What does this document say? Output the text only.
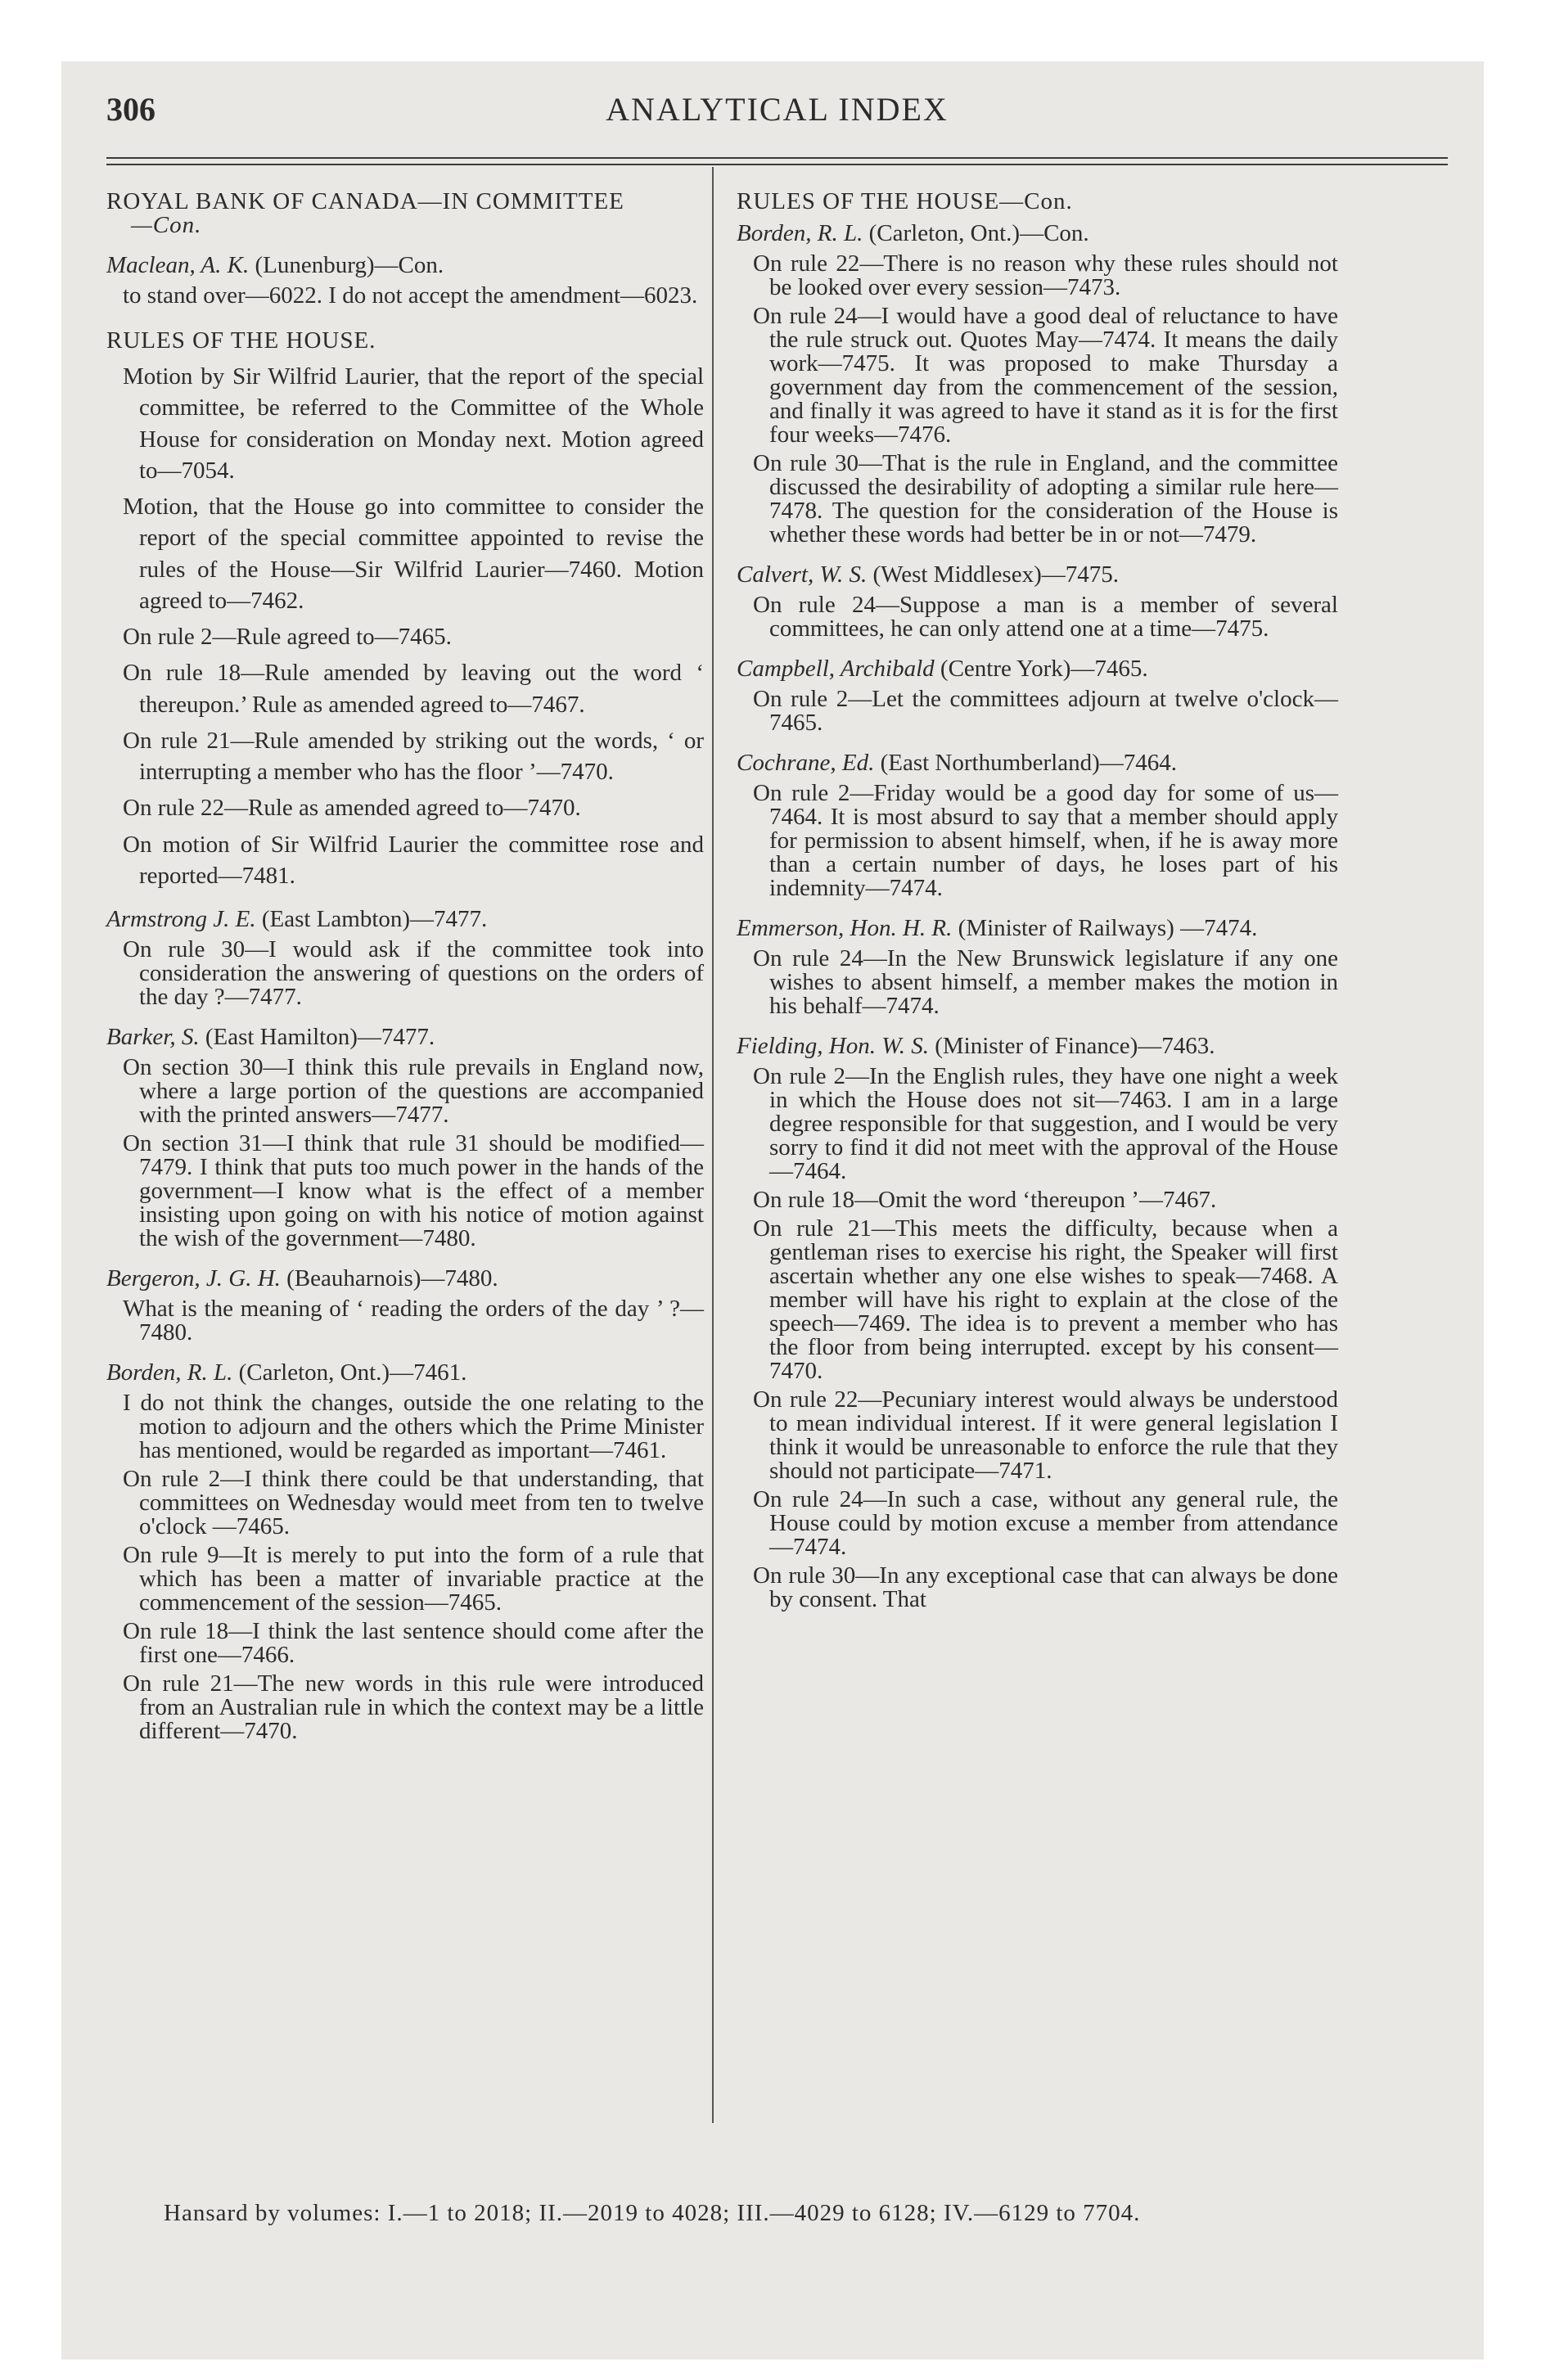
306	ANALYTICAL INDEX
ROYAL BANK OF CANADA—IN COMMITTEE
—Con.
Maclean, A. K. (Lunenburg)—Con.

to stand over—6022. I do not accept the amendment—6023.

RULES OF THE HOUSE.

Motion by Sir Wilfrid Laurier, that the report of the special committee, be referred to the Committee of the Whole House for consideration on Monday next. Motion agreed to—7054.

Motion, that the House go into committee to consider the report of the special committee appointed to revise the rules of the House—Sir Wilfrid Laurier—7460. Motion agreed to—7462.

On rule 2—Rule agreed to—7465.

On rule 18—Rule amended by leaving out the word ‘ thereupon.’ Rule as amended agreed to—7467.

On rule 21—Rule amended by striking out the words, ‘ or interrupting a member who has the floor ’—7470.

On rule 22—Rule as amended agreed to—7470.

On motion of Sir Wilfrid Laurier the committee rose and reported—7481.

Armstrong J. E. (East Lambton)—7477.

On rule 30—I would ask if the committee took into consideration the answering of questions on the orders of the day ?—7477.

Barker, S. (East Hamilton)—7477.

On section 30—I think this rule prevails in England now, where a large portion of the questions are accompanied with the printed answers—7477.

On section 31—I think that rule 31 should be modified—7479. I think that puts too much power in the hands of the government—I know what is the effect of a member insisting upon going on with his notice of motion against the wish of the government—7480.

Bergeron, J. G. H. (Beauharnois)—7480.

What is the meaning of ‘ reading the orders of the day ’ ?—7480.

Borden, R. L. (Carleton, Ont.)—7461.

I do not think the changes, outside the one relating to the motion to adjourn and the others which the Prime Minister has mentioned, would be regarded as important—7461.

On rule 2—I think there could be that understanding, that committees on Wednesday would meet from ten to twelve o'clock —7465.

On rule 9—It is merely to put into the form of a rule that which has been a matter of invariable practice at the commencement of the session—7465.

On rule 18—I think the last sentence should come after the first one—7466.

On rule 21—The new words in this rule were introduced from an Australian rule in which the context may be a little different—7470.

RULES OF THE HOUSE—Con.
Borden, R. L. (Carleton, Ont.)—Con.

On rule 22—There is no reason why these rules should not be looked over every session—7473.

On rule 24—I would have a good deal of reluctance to have the rule struck out. Quotes May—7474. It means the daily work—7475. It was proposed to make Thursday a government day from the commencement of the session, and finally it was agreed to have it stand as it is for the first four weeks—7476.

On rule 30—That is the rule in England, and the committee discussed the desirability of adopting a similar rule here—7478. The question for the consideration of the House is whether these words had better be in or not—7479.

Calvert, W. S. (West Middlesex)—7475.

On rule 24—Suppose a man is a member of several committees, he can only attend one at a time—7475.

Campbell, Archibald (Centre York)—7465.

On rule 2—Let the committees adjourn at twelve o'clock—7465.

Cochrane, Ed. (East Northumberland)—7464.

On rule 2—Friday would be a good day for some of us—7464. It is most absurd to say that a member should apply for permission to absent himself, when, if he is away more than a certain number of days, he loses part of his indemnity—7474.

Emmerson, Hon. H. R. (Minister of Railways) —7474.

On rule 24—In the New Brunswick legislature if any one wishes to absent himself, a member makes the motion in his behalf—7474.

Fielding, Hon. W. S. (Minister of Finance)—7463.

On rule 2—In the English rules, they have one night a week in which the House does not sit—7463. I am in a large degree responsible for that suggestion, and I would be very sorry to find it did not meet with the approval of the House—7464.

On rule 18—Omit the word ‘thereupon ’—7467.

On rule 21—This meets the difficulty, because when a gentleman rises to exercise his right, the Speaker will first ascertain whether any one else wishes to speak—7468. A member will have his right to explain at the close of the speech—7469. The idea is to prevent a member who has the floor from being interrupted. except by his consent—7470.

On rule 22—Pecuniary interest would always be understood to mean individual interest. If it were general legislation I think it would be unreasonable to enforce the rule that they should not participate—7471.

On rule 24—In such a case, without any general rule, the House could by motion excuse a member from attendance—7474.

On rule 30—In any exceptional case that can always be done by consent. That

Hansard by volumes: I.—1 to 2018; II.—2019 to 4028; III.—4029 to 6128; IV.—6129 to 7704.
